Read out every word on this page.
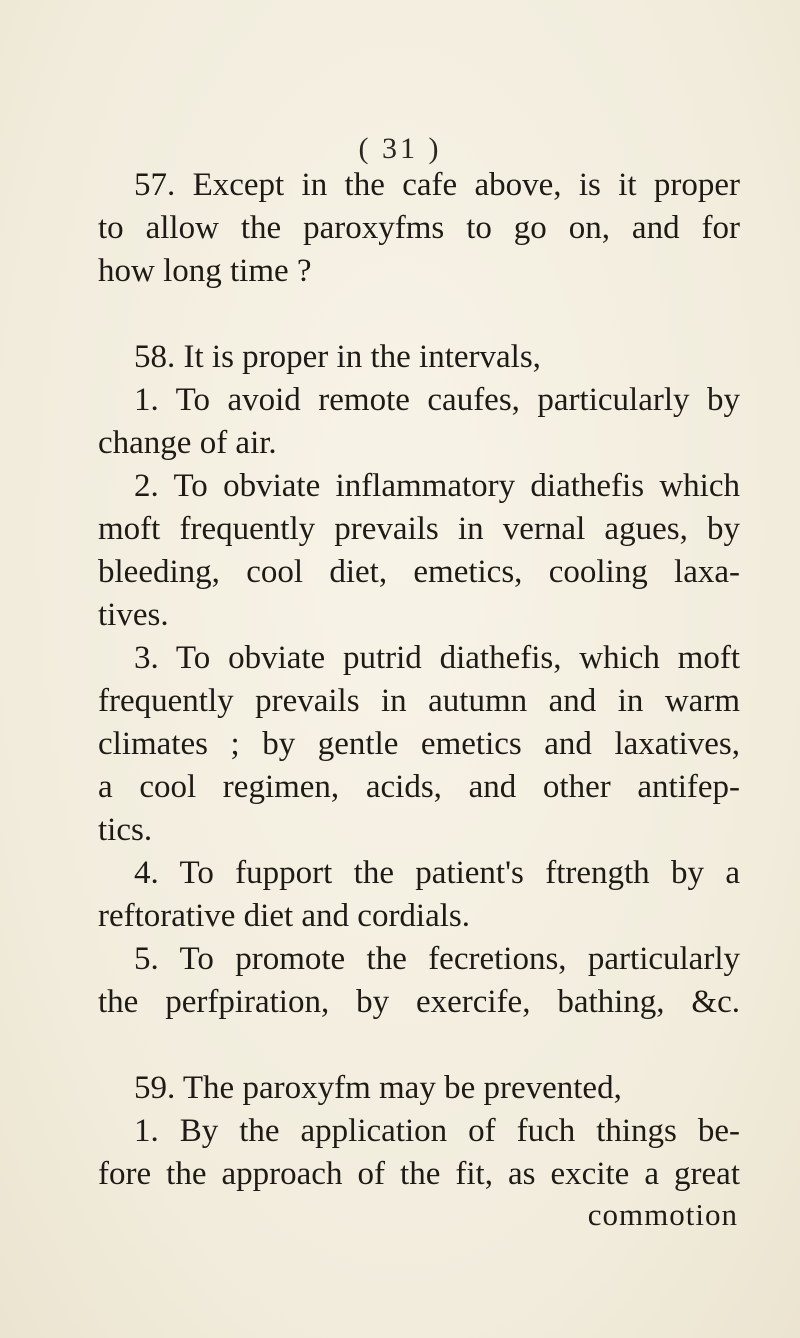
( 31 )
57. Except in the cafe above, is it proper
to allow the paroxyfms to go on, and for
how long time ?
58. It is proper in the intervals,
1. To avoid remote caufes, particularly by
change of air.
2. To obviate inflammatory diathefis which
moft frequently prevails in vernal agues, by
bleeding, cool diet, emetics, cooling laxa-
tives.
3. To obviate putrid diathefis, which moft
frequently prevails in autumn and in warm
climates ; by gentle emetics and laxatives,
a cool regimen, acids, and other antifep-
tics.
4. To fupport the patient's ftrength by a
reftorative diet and cordials.
5. To promote the fecretions, particularly
the perfpiration, by exercife, bathing, &c.
59. The paroxyfm may be prevented,
1. By the application of fuch things be-
fore the approach of the fit, as excite a great
commotion
